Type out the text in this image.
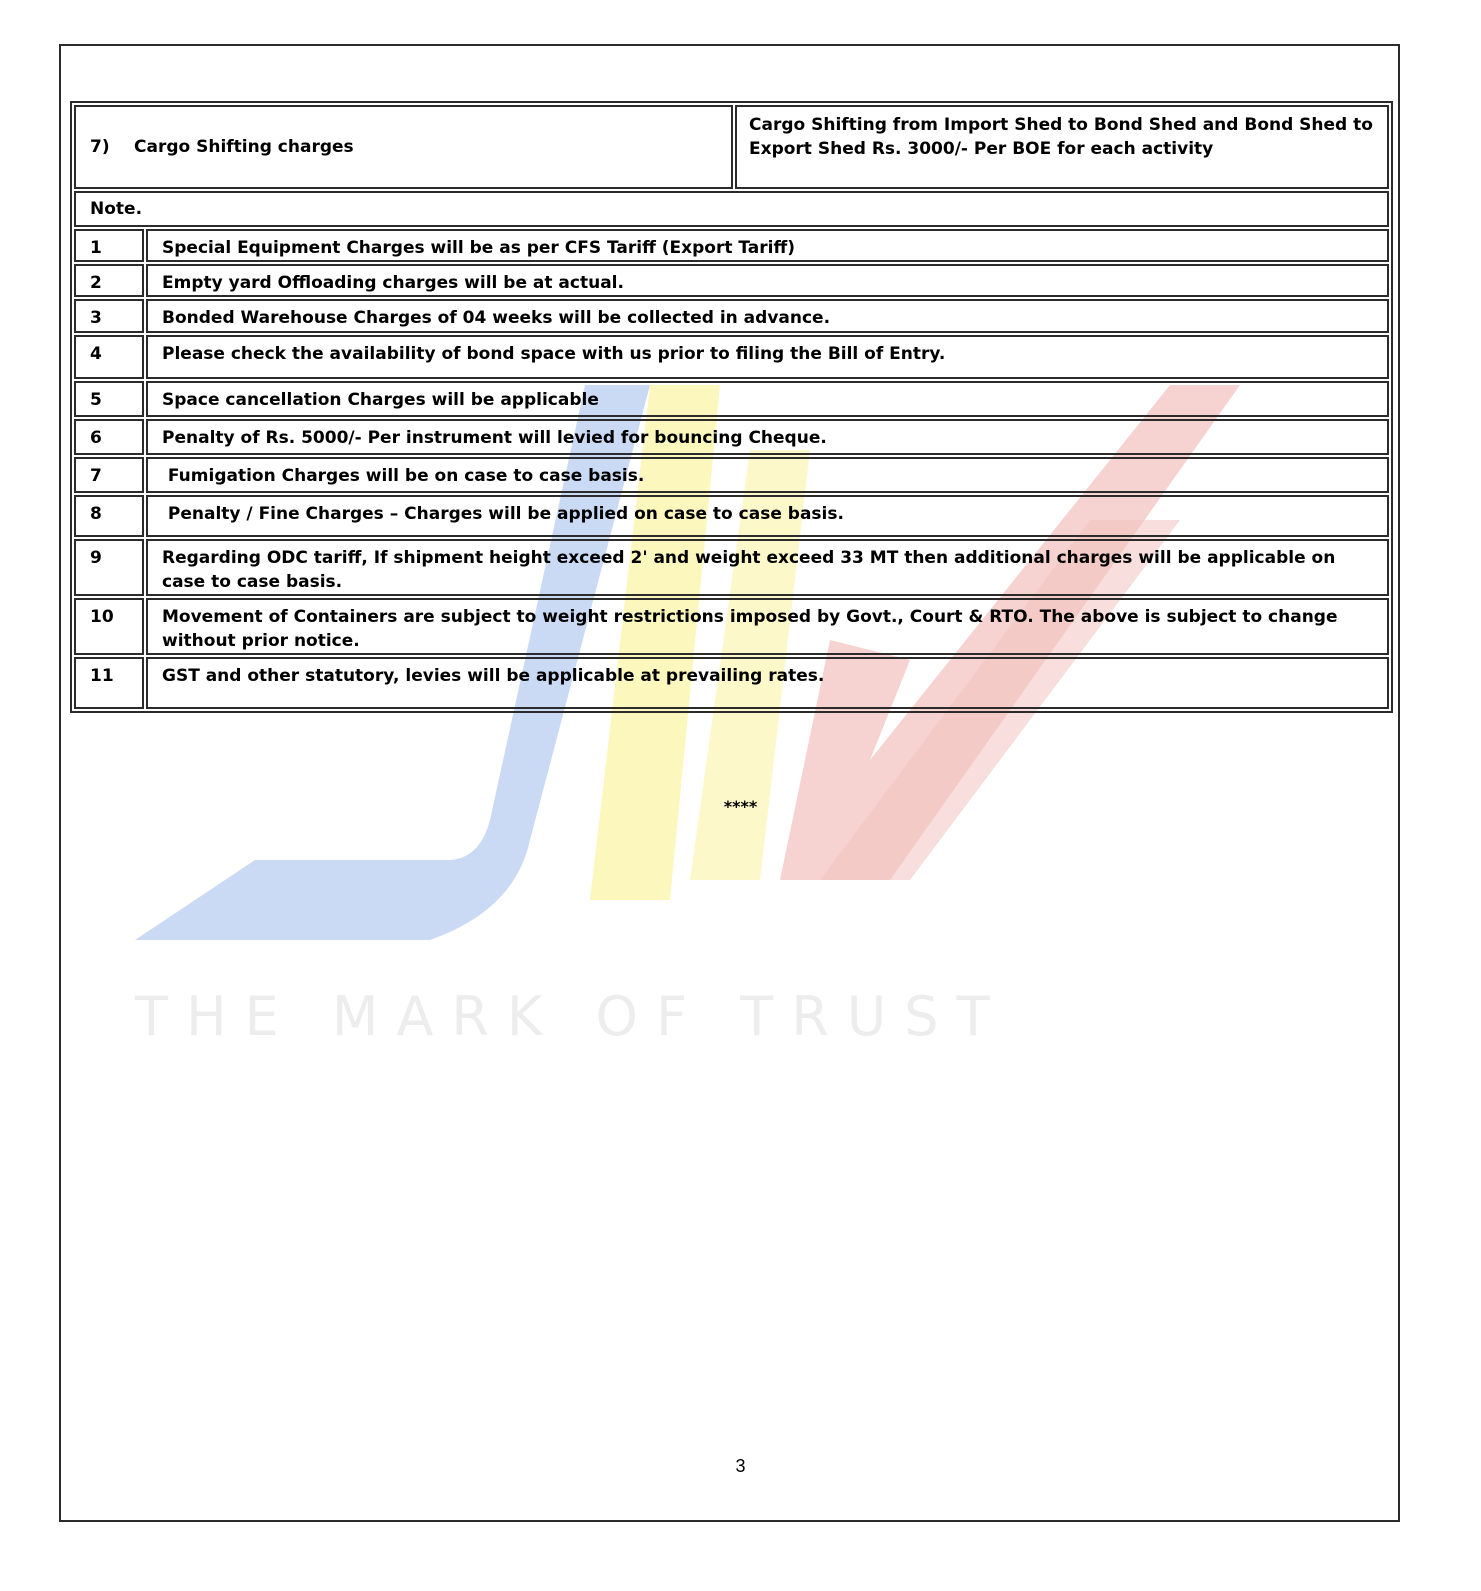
THE MARK OF TRUST
7) Cargo Shifting charges		Cargo Shifting from Import Shed to Bond Shed and Bond Shed to Export Shed Rs. 3000/- Per BOE for each activity
Note.		
1	Special Equipment Charges will be as per CFS Tariff (Export Tariff)	
2	Empty yard Offloading charges will be at actual.	
3	Bonded Warehouse Charges of 04 weeks will be collected in advance.	
4	Please check the availability of bond space with us prior to filing the Bill of Entry.	
5	Space cancellation Charges will be applicable	
6	Penalty of Rs. 5000/- Per instrument will levied for bouncing Cheque.	
7	Fumigation Charges will be on case to case basis.	
8	Penalty / Fine Charges – Charges will be applied on case to case basis.	
9	Regarding ODC tariff, If shipment height exceed 2' and weight exceed 33 MT then additional charges will be applicable on case to case basis.	
10	Movement of Containers are subject to weight restrictions imposed by Govt., Court & RTO. The above is subject to change without prior notice.	
11	GST and other statutory, levies will be applicable at prevailing rates.	
****
3
